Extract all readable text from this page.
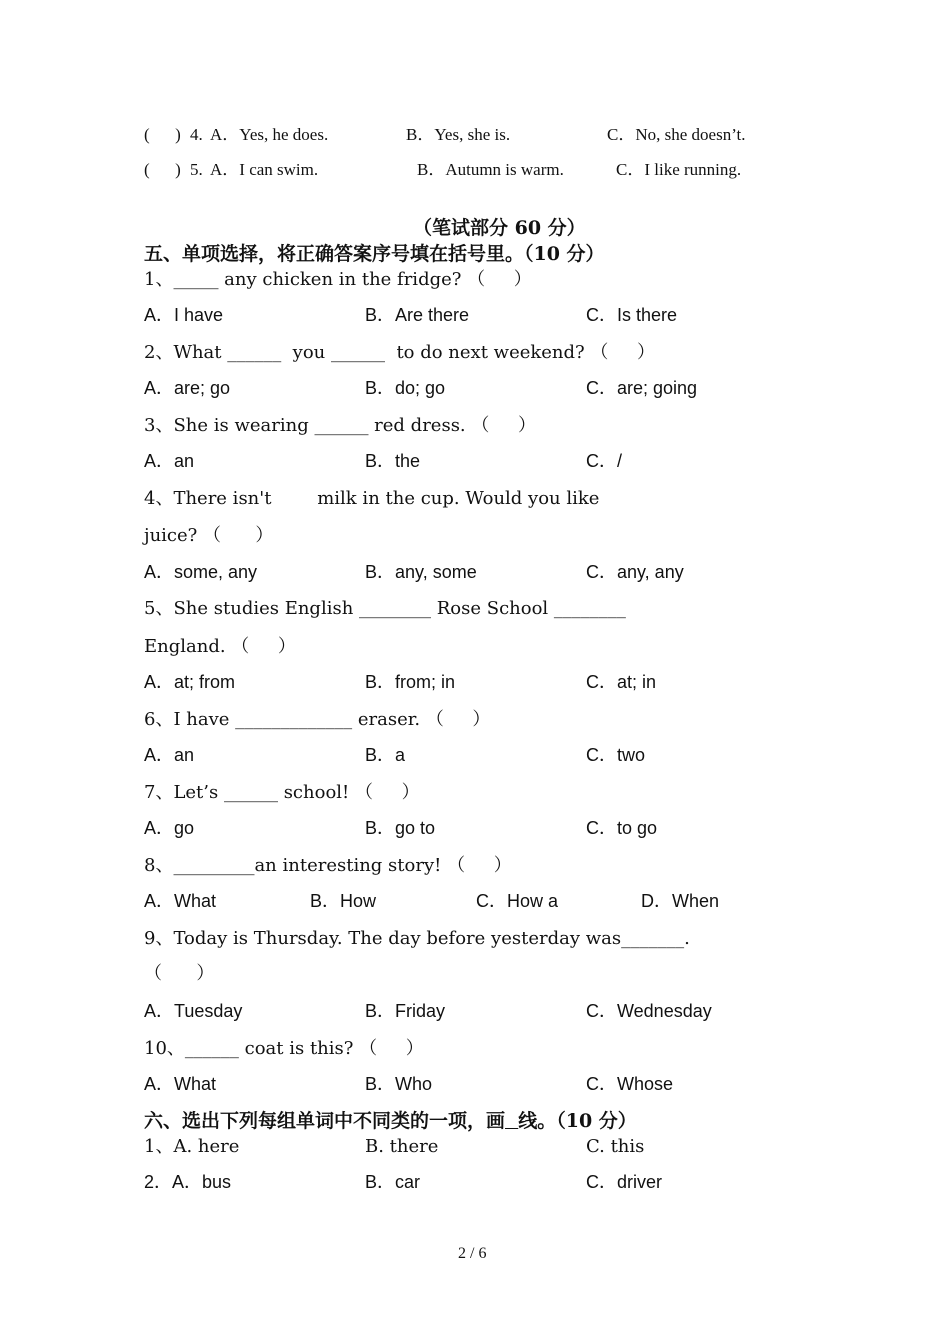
(      ) 4. A．Yes, he does.	B．Yes, she is.	C．No, she doesn’t.
(      ) 5. A．I can swim.	B．Autumn is warm.	C．I like running.
（笔试部分 60 分）
五、单项选择，将正确答案序号填在括号里。（10 分）
1、_____ any chicken in the fridge? （     ）
A．I have	B．Are there	C．Is there
2、What ______  you ______  to do next weekend? （     ）
A．are; go	B．do; go	C．are; going
3、She is wearing ______ red dress. （     ）
A．an	B．the	C．/
4、There isn't        milk in the cup. Would you like
juice? （      ）
A．some, any	B．any, some	C．any, any
5、She studies English ________ Rose School ________
England. （     ）
A．at; from	B．from; in	C．at; in
6、I have _____________ eraser. （     ）
A．an	B．a	C．two
7、Let’s ______ school! （     ）
A．go	B．go to	C．to go
8、_________an interesting story! （     ）
A．What	B．How	C．How a	D．When
9、Today is Thursday. The day before yesterday was_______.
（      ）
A．Tuesday	B．Friday	C．Wednesday
10、______ coat is this? （     ）
A．What	B．Who	C．Whose
六、选出下列每组单词中不同类的一项，画 线。（10 分）
1、A. here	B. there	C. this
2．A．bus	B．car	C．driver
2 / 6
